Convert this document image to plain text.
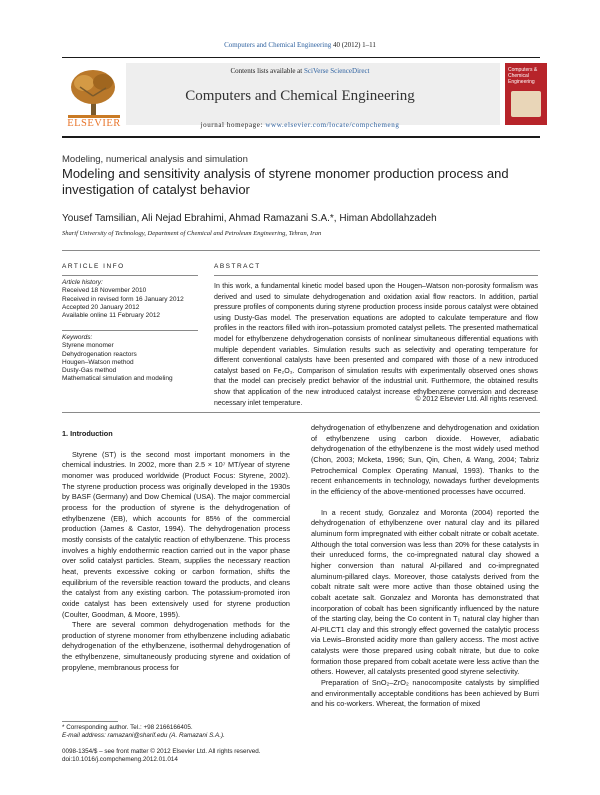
Computers and Chemical Engineering 40 (2012) 1–11
ELSEVIER
Contents lists available at SciVerse ScienceDirect
Computers and Chemical Engineering
journal homepage: www.elsevier.com/locate/compchemeng
Computers & Chemical Engineering
Modeling, numerical analysis and simulation
Modeling and sensitivity analysis of styrene monomer production process and
investigation of catalyst behavior
Yousef Tamsilian, Ali Nejad Ebrahimi, Ahmad Ramazani S.A.*, Himan Abdollahzadeh
Sharif University of Technology, Department of Chemical and Petroleum Engineering, Tehran, Iran
ARTICLE INFO
Article history:
Received 18 November 2010
Received in revised form 16 January 2012
Accepted 20 January 2012
Available online 11 February 2012
Keywords:
Styrene monomer
Dehydrogenation reactors
Hougen–Watson method
Dusty-Gas method
Mathematical simulation and modeling
ABSTRACT
In this work, a fundamental kinetic model based upon the Hougen–Watson non-porosity formalism was derived and used to simulate dehydrogenation and oxidation axial flow reactors. In addition, partial pressure profiles of components during styrene production process inside porous catalyst were obtained using Dusty-Gas model. The preservation equations are adopted to calculate temperature and flow profiles in the reactors filled with iron–potassium promoted catalyst pellets. The presented mathematical model for ethylbenzene dehydrogenation consists of nonlinear simultaneous differential equations with multiple dependent variables. Simulation results such as selectivity and operating temperature for different conventional catalysts have been presented and compared with those of a new introduced catalyst based on Fe₂O₃. Comparison of simulation results with experimentally observed ones shows that the model can precisely predict behavior of the industrial unit. Furthermore, the obtained results show that application of the new introduced catalyst increase ethylbenzene conversion and decrease necessary inlet temperature.
© 2012 Elsevier Ltd. All rights reserved.
1. Introduction

Styrene (ST) is the second most important monomers in the chemical industries. In 2002, more than 2.5 × 10⁷ MT/year of styrene monomer was produced worldwide (Product Focus: Styrene, 2002). The styrene production process was originally developed in the 1930s by BASF (Germany) and Dow Chemical (USA). The major commercial process for the production of styrene is the dehydrogenation of ethylbenzene (EB), which accounts for 85% of the commercial production (James & Castor, 1994). The dehydrogenation process mostly consists of the catalytic reaction of ethylbenzene. This process involves a highly endothermic reaction carried out in the vapor phase over solid catalyst particles. Steam, supplies the necessary reaction heat, prevents excessive coking or carbon formation, shifts the equilibrium of the reversible reaction toward the products, and cleans the catalyst from any existing carbon. The potassium-promoted iron oxide catalyst has been extensively used for styrene production (Coulter, Goodman, & Moore, 1995).

There are several common dehydrogenation methods for the production of styrene monomer from ethylbenzene including adiabatic dehydrogenation of the ethylbenzene, isothermal dehydrogenation of the ethylbenzene, simultaneously producing styrene and oxidation of propylene, membranous process for

dehydrogenation of ethylbenzene and dehydrogenation and oxidation of ethylbenzene using carbon dioxide. However, adiabatic dehydrogenation of the ethylbenzene is the most widely used method (Chon, 2003; Mcketa, 1996; Sun, Qin, Chen, & Wang, 2004; Tabriz Petrochemical Complex Operating Manual, 1993). Thanks to the recent enhancements in technology, nowadays further developments in the efficiency of the above-mentioned processes have occurred.

In a recent study, Gonzalez and Moronta (2004) reported the dehydrogenation of ethylbenzene over natural clay and its pillared aluminum form impregnated with either cobalt nitrate or cobalt acetate. Although the total conversion was less than 20% for these catalysts in their unreduced forms, the co-impregnated natural clay showed a higher conversion than natural Al-pillared and co-impregnated aluminum-pillared clays. Moreover, those catalysts derived from the cobalt nitrate salt were more active than those obtained using the cobalt acetate salt. Gonzalez and Moronta has demonstrated that incorporation of cobalt has been significantly influenced by the nature of the starting clay, being the Co content in T₁ natural clay higher than Al-PILCT1 clay and this strongly effect governed the catalytic process via Lewis–Bronsted acidity more than gallery access. The most active catalysts were those prepared using cobalt nitrate, but due to coke formation those prepared from cobalt acetate were less active than the others. However, all catalysts presented good styrene selectivity.

Preparation of SnO₂–ZrO₂ nanocomposite catalysts by simplified and environmentally acceptable conditions has been achieved by Burri and his co-workers. Whereat, the formation of mixed

* Corresponding author. Tel.: +98 2166166405.
E-mail address: ramazani@sharif.edu (A. Ramazani S.A.).
0098-1354/$ – see front matter © 2012 Elsevier Ltd. All rights reserved.
doi:10.1016/j.compchemeng.2012.01.014
